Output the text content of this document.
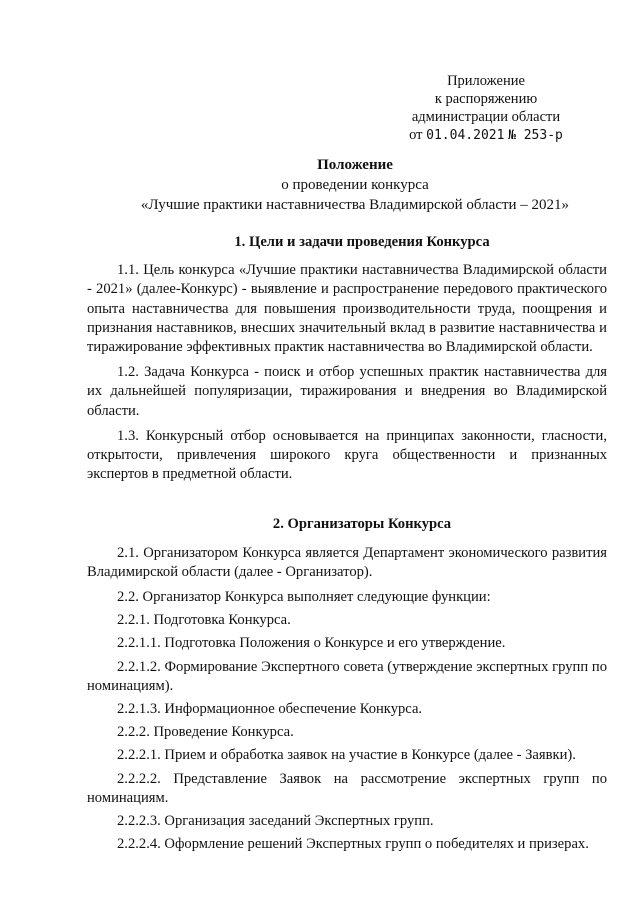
Приложение
к распоряжению
администрации области
от 01.04.2021 № 253-р
Положение
о проведении конкурса
«Лучшие практики наставничества Владимирской области – 2021»
1. Цели и задачи проведения Конкурса
1.1. Цель конкурса «Лучшие практики наставничества Владимирской области - 2021» (далее-Конкурс) - выявление и распространение передового практического опыта наставничества для повышения производительности труда, поощрения и признания наставников, внесших значительный вклад в развитие наставничества и тиражирование эффективных практик наставничества во Владимирской области.
1.2. Задача Конкурса - поиск и отбор успешных практик наставничества для их дальнейшей популяризации, тиражирования и внедрения во Владимирской области.
1.3. Конкурсный отбор основывается на принципах законности, гласности, открытости, привлечения широкого круга общественности и признанных экспертов в предметной области.
2. Организаторы Конкурса
2.1. Организатором Конкурса является Департамент экономического развития Владимирской области (далее - Организатор).
2.2. Организатор Конкурса выполняет следующие функции:
2.2.1. Подготовка Конкурса.
2.2.1.1. Подготовка Положения о Конкурсе и его утверждение.
2.2.1.2. Формирование Экспертного совета (утверждение экспертных групп по номинациям).
2.2.1.3. Информационное обеспечение Конкурса.
2.2.2. Проведение Конкурса.
2.2.2.1. Прием и обработка заявок на участие в Конкурсе (далее - Заявки).
2.2.2.2. Представление Заявок на рассмотрение экспертных групп по номинациям.
2.2.2.3. Организация заседаний Экспертных групп.
2.2.2.4. Оформление решений Экспертных групп о победителях и призерах.
